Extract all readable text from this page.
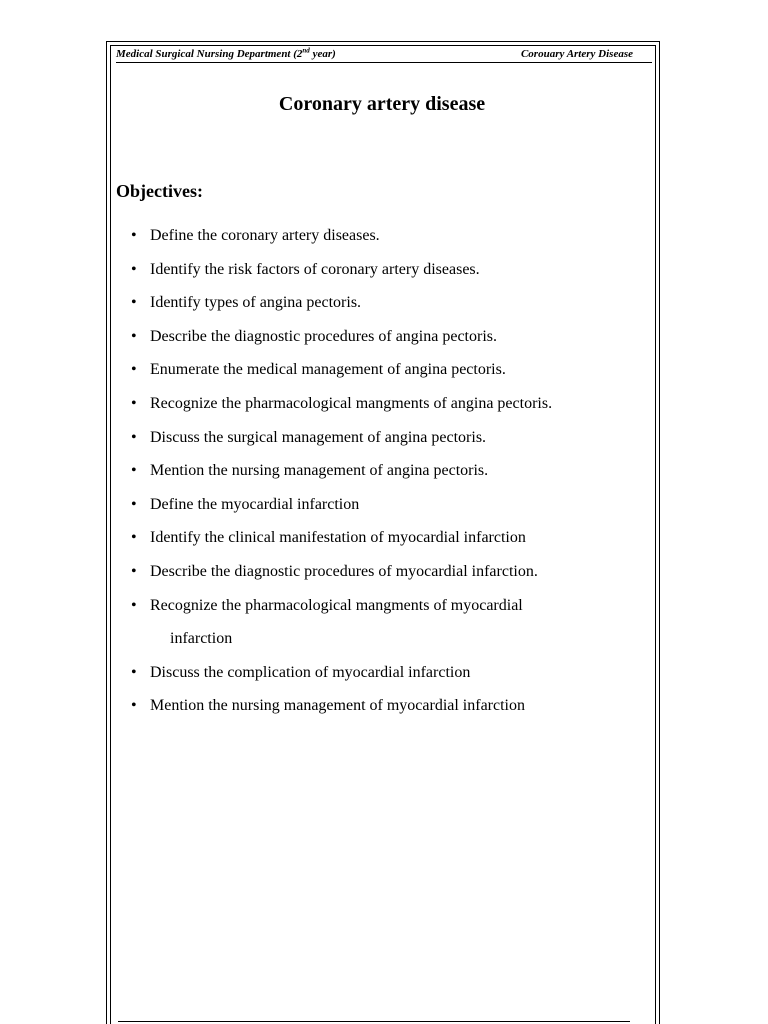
Medical Surgical Nursing Department (2nd year)	Corouary Artery Disease
Coronary artery disease
Objectives:
• Define the coronary artery diseases.
• Identify the risk factors of coronary artery diseases.
• Identify types of angina pectoris.
• Describe the diagnostic procedures of angina pectoris.
• Enumerate the medical management of angina pectoris.
• Recognize the pharmacological mangments of angina pectoris.
• Discuss the surgical management of angina pectoris.
• Mention the nursing management of angina pectoris.
• Define the myocardial infarction
• Identify the clinical manifestation of myocardial infarction
• Describe the diagnostic procedures of myocardial infarction.
• Recognize the pharmacological mangments of myocardial
infarction
• Discuss the complication of myocardial infarction
• Mention the nursing management of myocardial infarction
